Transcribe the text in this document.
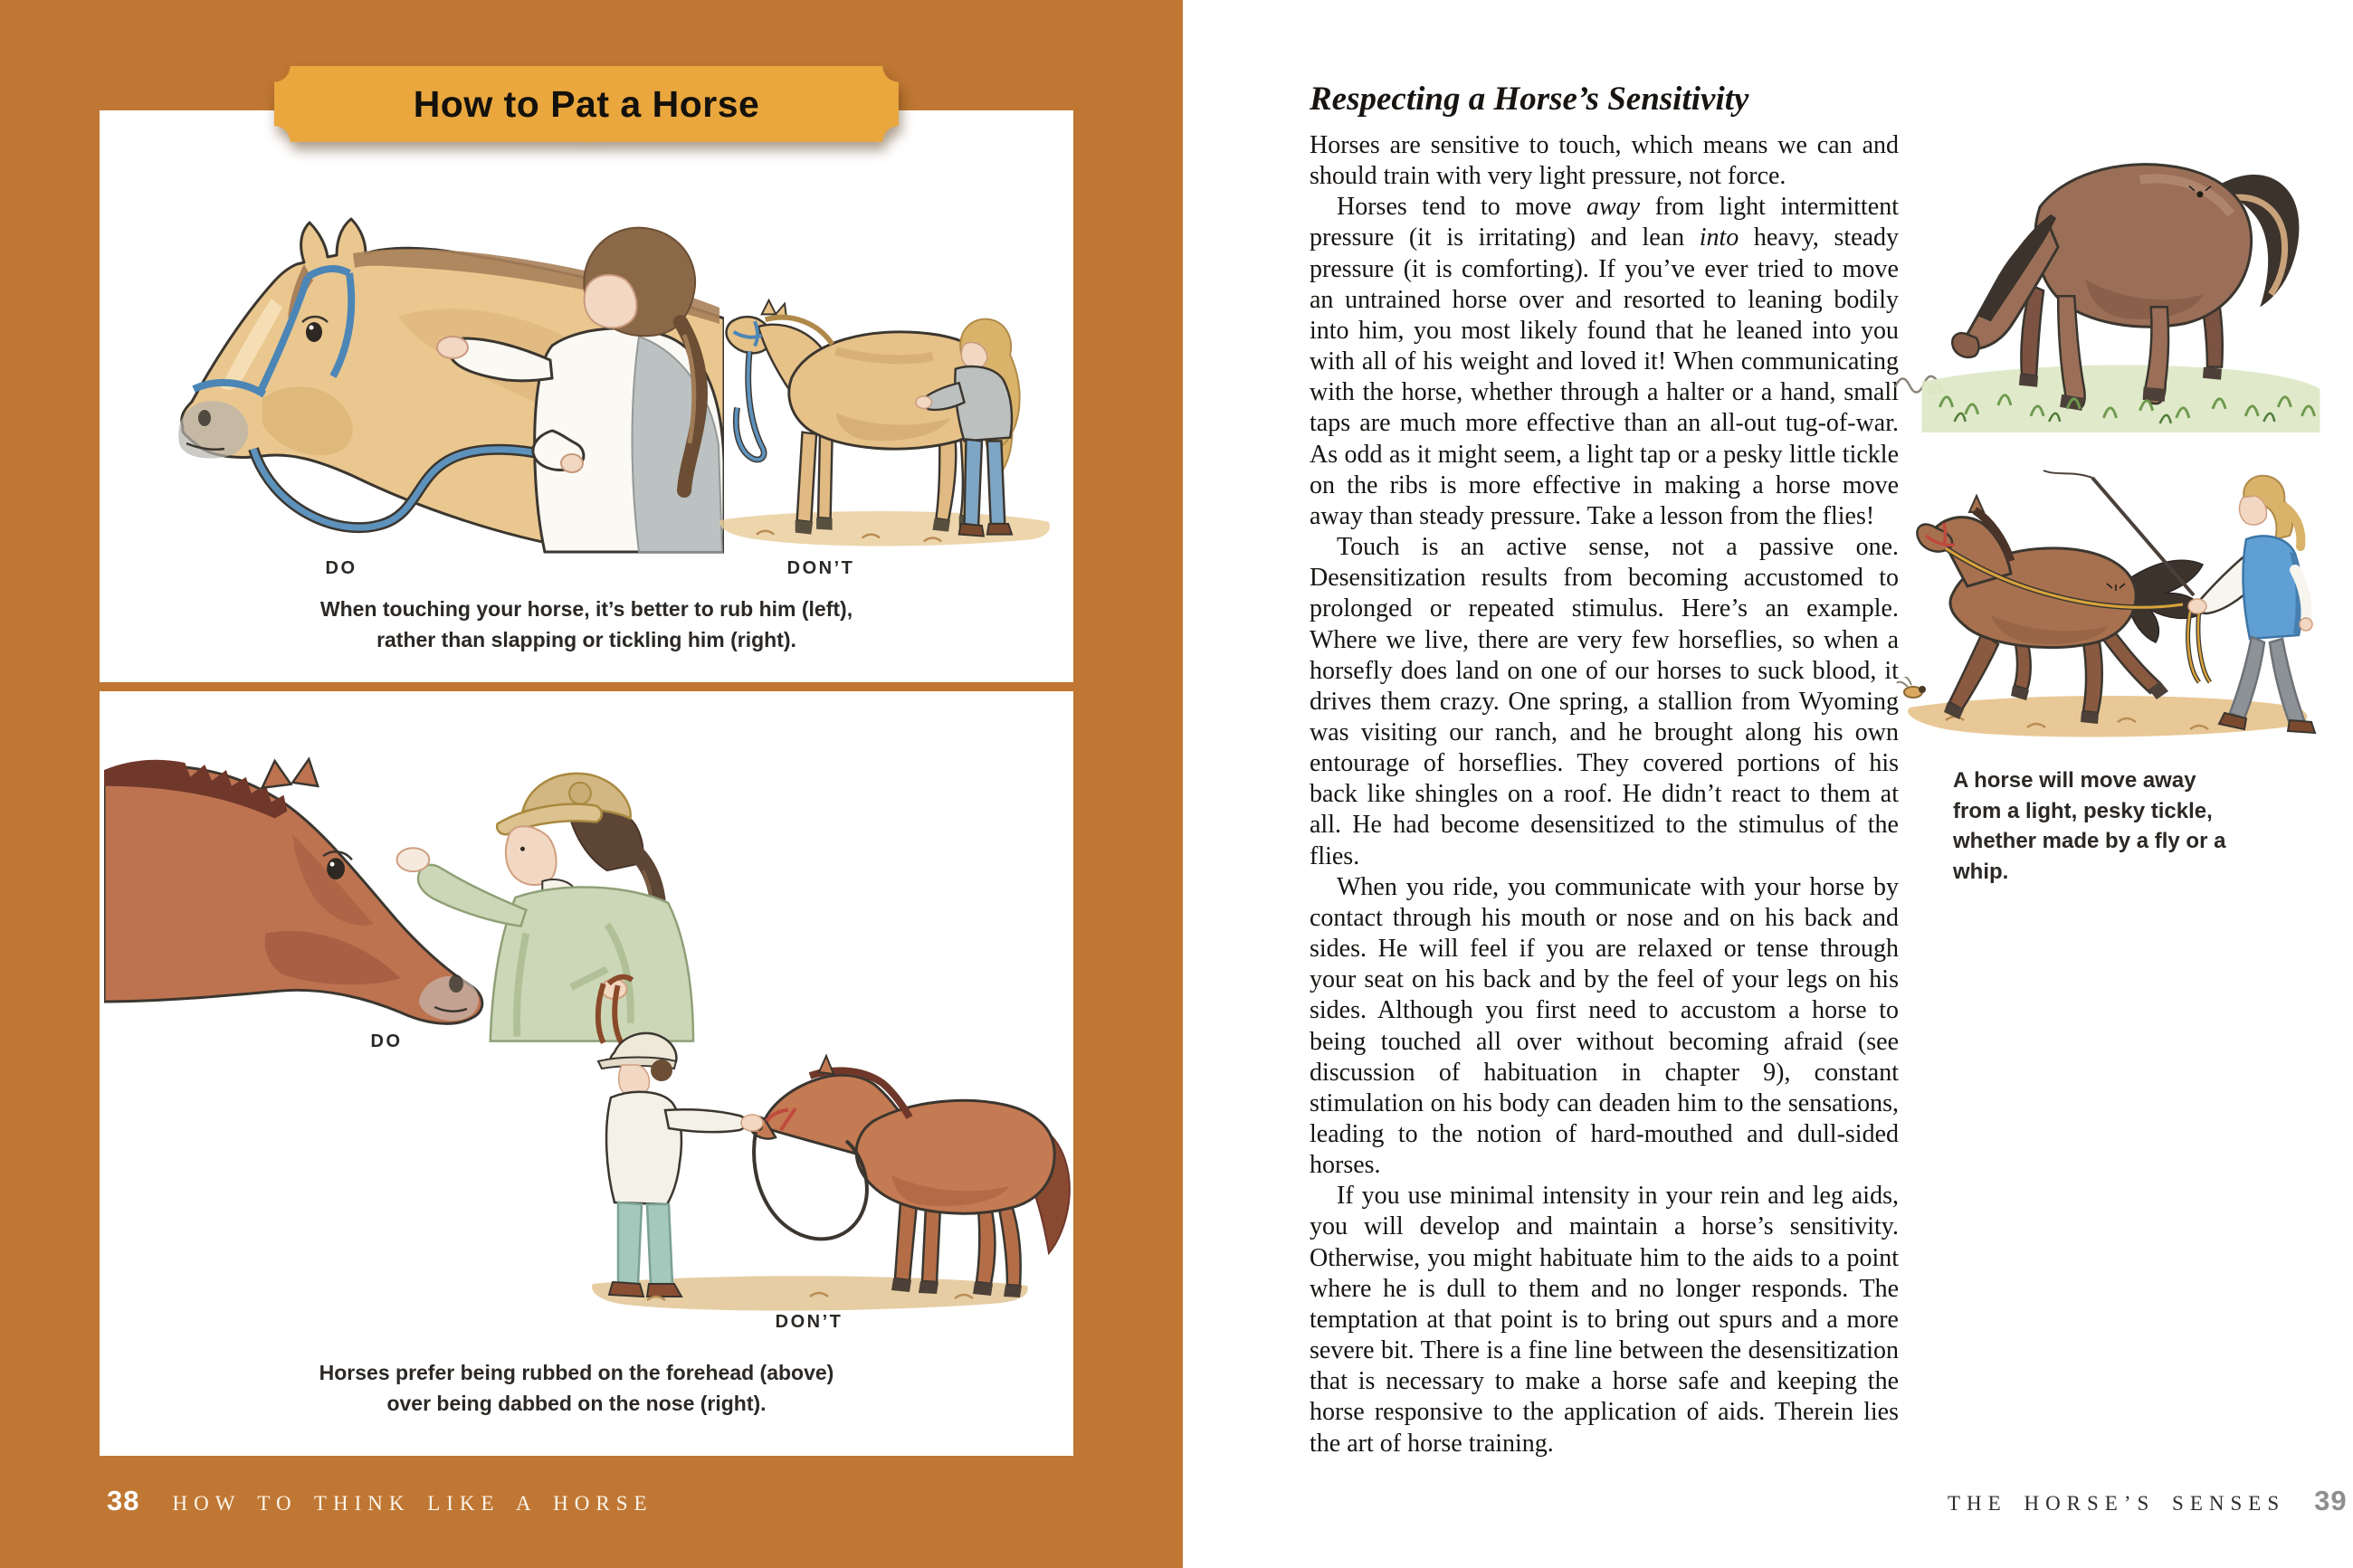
How to Pat a Horse
DO	DON’T
When touching your horse, it’s better to rub him (left),
rather than slapping or tickling him (right).
DO
DON’T
Horses prefer being rubbed on the forehead (above)
over being dabbed on the nose (right).
38 HOW TO THINK LIKE A HORSE
Respecting a Horse’s Sensitivity

Horses are sensitive to touch, which means we can and should train with very light pressure, not force.

Horses tend to move away from light intermittent pressure (it is irritating) and lean into heavy, steady pressure (it is comforting). If you’ve ever tried to move an untrained horse over and resorted to leaning bodily into him, you most likely found that he leaned into you with all of his weight and loved it! When communicating with the horse, whether through a halter or a hand, small taps are much more effective than an all-out tug-of-war. As odd as it might seem, a light tap or a pesky little tickle on the ribs is more effective in making a horse move away than steady pressure. Take a lesson from the flies!

Touch is an active sense, not a passive one. Desensitization results from becoming accustomed to prolonged or repeated stimulus. Here’s an example. Where we live, there are very few horseflies, so when a horsefly does land on one of our horses to suck blood, it drives them crazy. One spring, a stallion from Wyoming was visiting our ranch, and he brought along his own entourage of horseflies. They covered portions of his back like shingles on a roof. He didn’t react to them at all. He had become desensitized to the stimulus of the flies.

When you ride, you communicate with your horse by contact through his mouth or nose and on his back and sides. He will feel if you are relaxed or tense through your seat on his back and by the feel of your legs on his sides. Although you first need to accustom a horse to being touched all over without becoming afraid (see discussion of habituation in chapter 9), constant stimulation on his body can deaden him to the sensations, leading to the notion of hard-mouthed and dull-sided horses.

If you use minimal intensity in your rein and leg aids, you will develop and maintain a horse’s sensitivity. Otherwise, you might habituate him to the aids to a point where he is dull to them and no longer responds. The temptation at that point is to bring out spurs and a more severe bit. There is a fine line between the desensitization that is necessary to make a horse safe and keeping the horse responsive to the application of aids. Therein lies the art of horse training.

A horse will move away from a light, pesky tickle, whether made by a fly or a whip.
THE HORSE’S SENSES 39
